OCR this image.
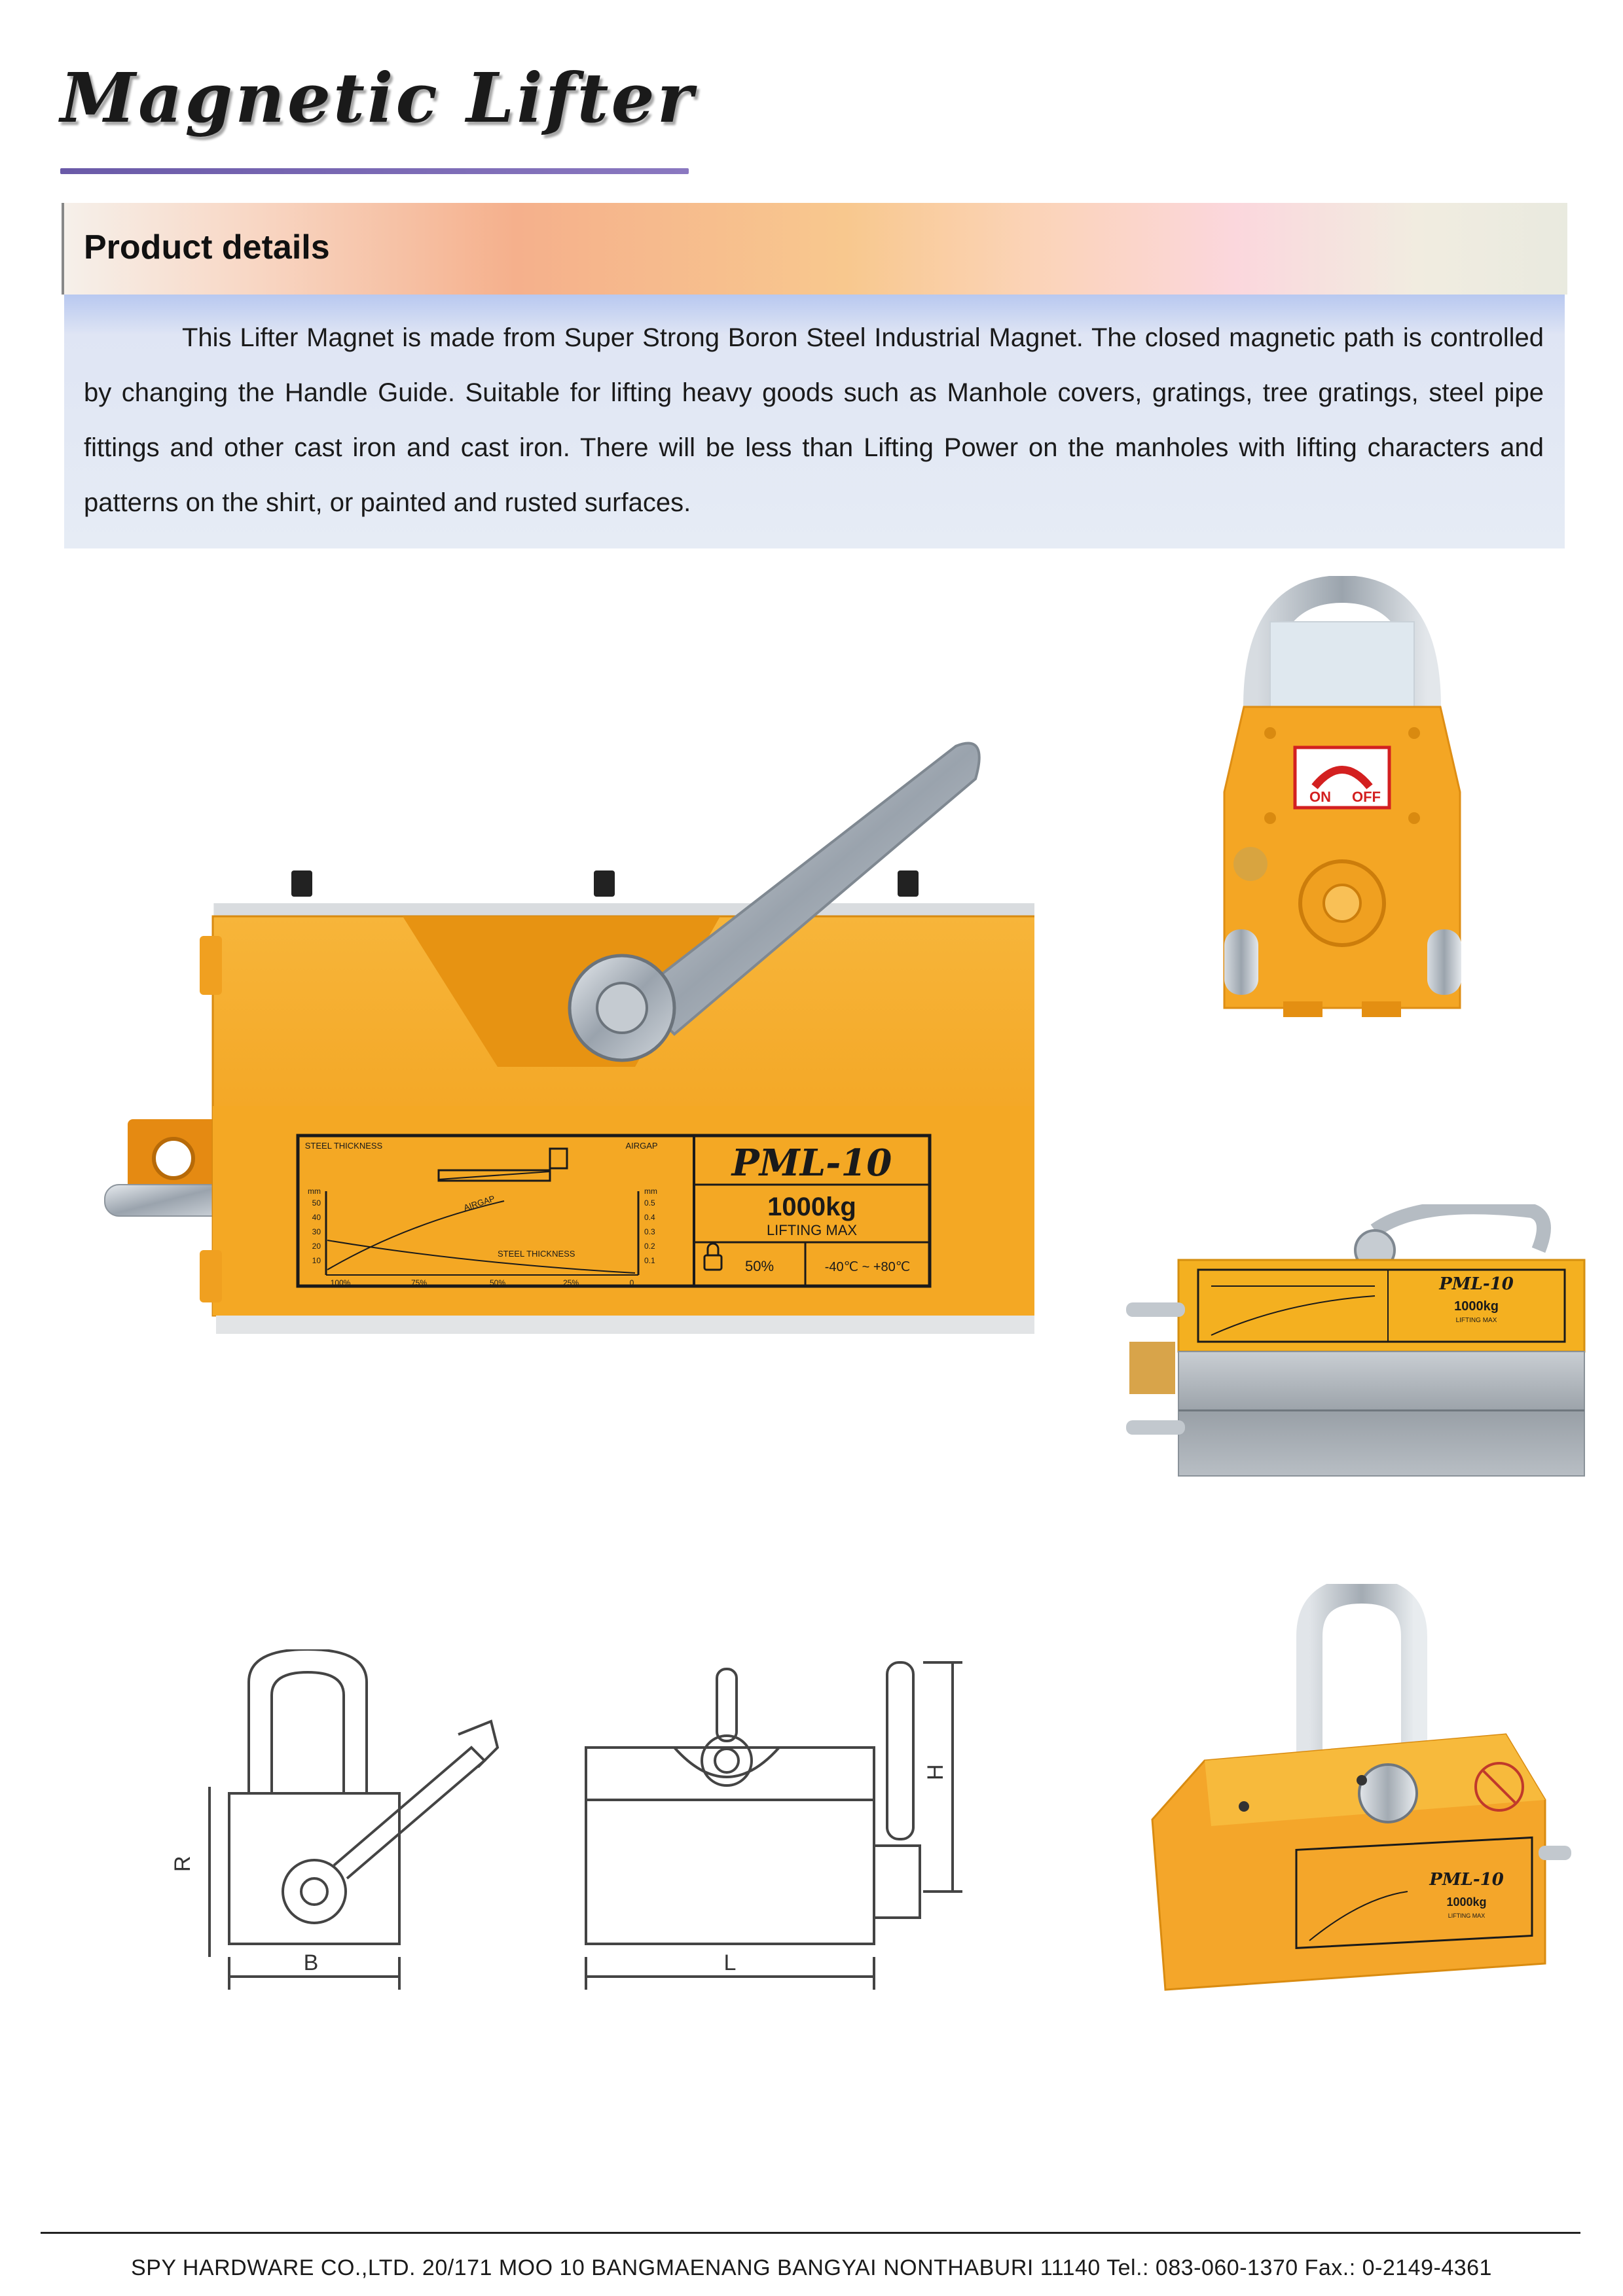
Magnetic Lifter
Product details

This Lifter Magnet is made from Super Strong Boron Steel Industrial Magnet. The closed magnetic path is controlled by changing the Handle Guide. Suitable for lifting heavy goods such as Manhole covers, gratings, tree gratings, steel pipe fittings and other cast iron and cast iron. There will be less than Lifting Power on the manholes with lifting characters and patterns on the shirt, or painted and rusted surfaces.

PML-10
1000kg
LIFTING MAX
50%	-40℃ ~ +80℃
STEEL THICKNESS	AIRGAP
mm	mm
50
40
30
20
10
0.5
0.4
0.3
0.2
0.1
100%	75%	50%	25%	0
AIRGAP
STEEL THICKNESS
ON OFF
PML-10
1000kg
LIFTING MAX
R
B
H
L
PML-10
1000kg
LIFTING MAX
SPY HARDWARE CO.,LTD. 20/171 MOO 10 BANGMAENANG BANGYAI NONTHABURI 11140 Tel.: 083-060-1370 Fax.: 0-2149-4361
